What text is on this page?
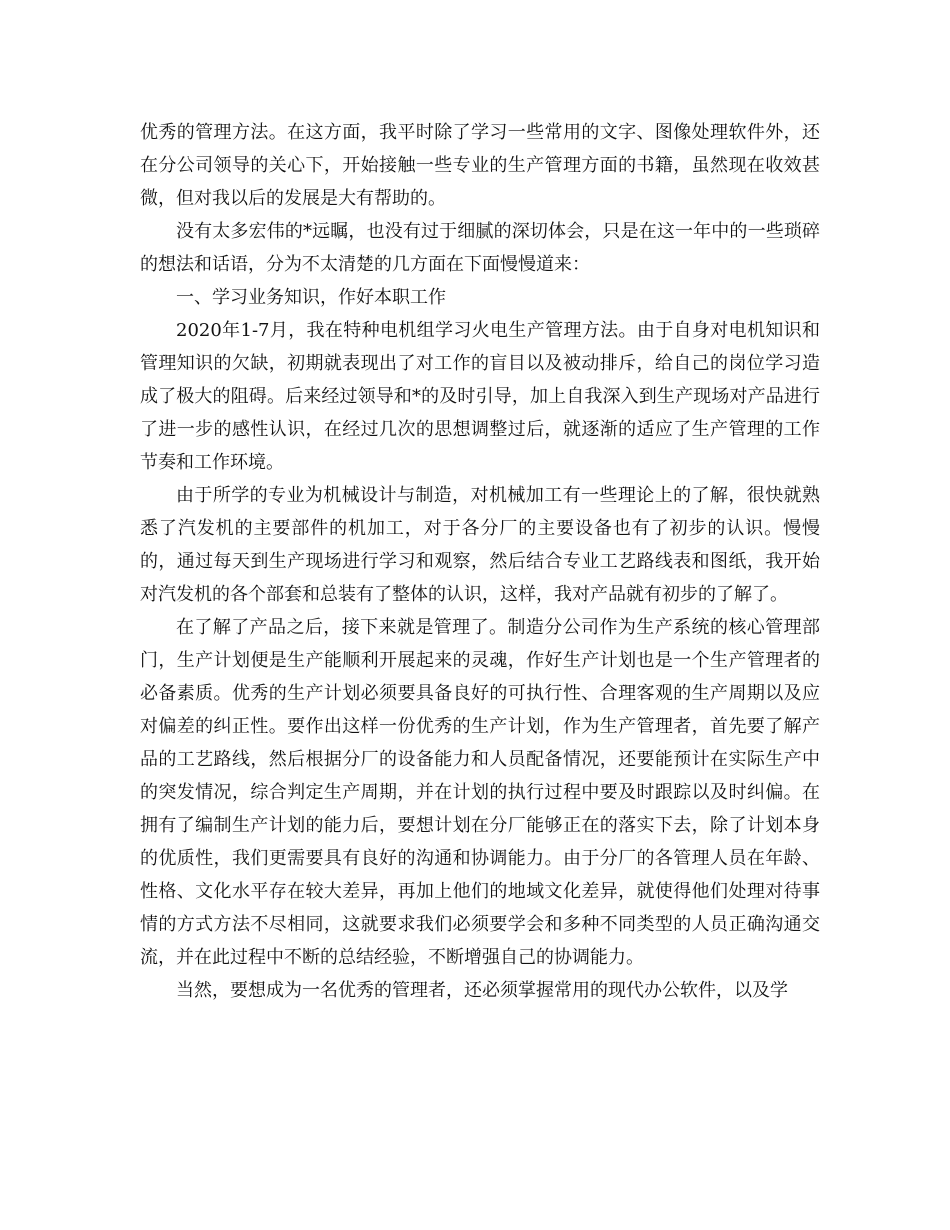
优秀的管理方法。在这方面，我平时除了学习一些常用的文字、图像处理软件外，还在分公司领导的关心下，开始接触一些专业的生产管理方面的书籍，虽然现在收效甚微，但对我以后的发展是大有帮助的。

没有太多宏伟的*远瞩，也没有过于细腻的深切体会，只是在这一年中的一些琐碎的想法和话语，分为不太清楚的几方面在下面慢慢道来：

一、学习业务知识，作好本职工作

2020年1-7月，我在特种电机组学习火电生产管理方法。由于自身对电机知识和管理知识的欠缺，初期就表现出了对工作的盲目以及被动排斥，给自己的岗位学习造成了极大的阻碍。后来经过领导和*的及时引导，加上自我深入到生产现场对产品进行了进一步的感性认识，在经过几次的思想调整过后，就逐渐的适应了生产管理的工作节奏和工作环境。

由于所学的专业为机械设计与制造，对机械加工有一些理论上的了解，很快就熟悉了汽发机的主要部件的机加工，对于各分厂的主要设备也有了初步的认识。慢慢的，通过每天到生产现场进行学习和观察，然后结合专业工艺路线表和图纸，我开始对汽发机的各个部套和总装有了整体的认识，这样，我对产品就有初步的了解了。

在了解了产品之后，接下来就是管理了。制造分公司作为生产系统的核心管理部门，生产计划便是生产能顺利开展起来的灵魂，作好生产计划也是一个生产管理者的必备素质。优秀的生产计划必须要具备良好的可执行性、合理客观的生产周期以及应对偏差的纠正性。要作出这样一份优秀的生产计划，作为生产管理者，首先要了解产品的工艺路线，然后根据分厂的设备能力和人员配备情况，还要能预计在实际生产中的突发情况，综合判定生产周期，并在计划的执行过程中要及时跟踪以及时纠偏。在拥有了编制生产计划的能力后，要想计划在分厂能够正在的落实下去，除了计划本身的优质性，我们更需要具有良好的沟通和协调能力。由于分厂的各管理人员在年龄、性格、文化水平存在较大差异，再加上他们的地域文化差异，就使得他们处理对待事情的方式方法不尽相同，这就要求我们必须要学会和多种不同类型的人员正确沟通交流，并在此过程中不断的总结经验，不断增强自己的协调能力。

当然，要想成为一名优秀的管理者，还必须掌握常用的现代办公软件，以及学
